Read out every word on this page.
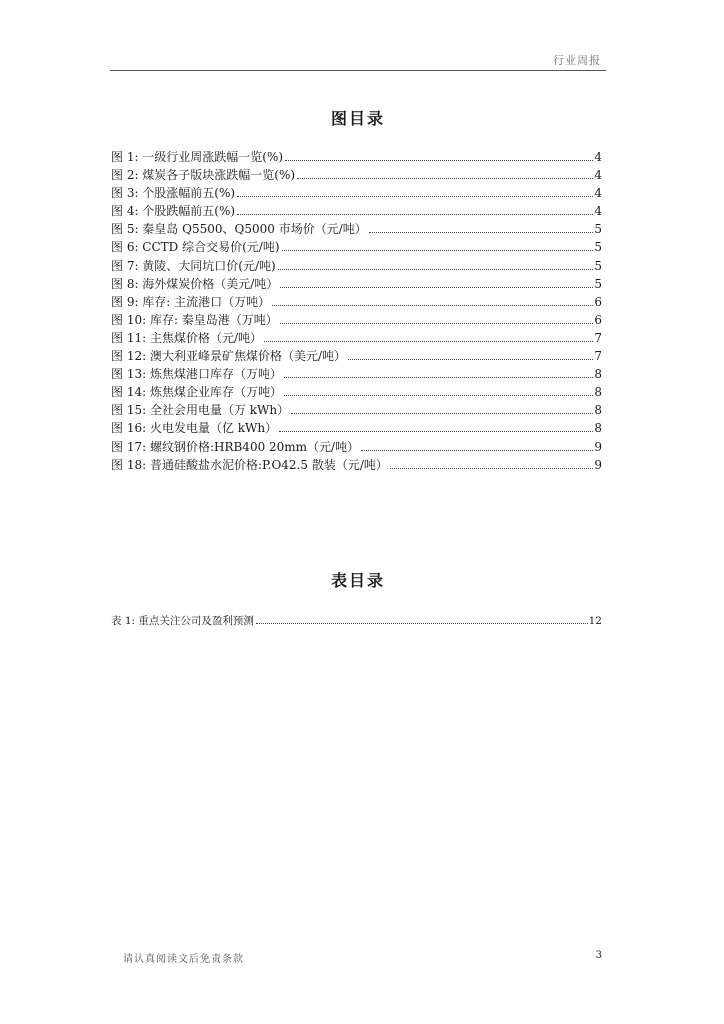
行业周报
图目录
图 1: 一级行业周涨跌幅一览(%)	4
图 2: 煤炭各子版块涨跌幅一览(%)	4
图 3: 个股涨幅前五(%)	4
图 4: 个股跌幅前五(%)	4
图 5: 秦皇岛 Q5500、Q5000 市场价（元/吨）	5
图 6: CCTD 综合交易价(元/吨)	5
图 7: 黄陵、大同坑口价(元/吨)	5
图 8: 海外煤炭价格（美元/吨）	5
图 9: 库存: 主流港口（万吨）	6
图 10: 库存: 秦皇岛港（万吨）	6
图 11: 主焦煤价格（元/吨）	7
图 12: 澳大利亚峰景矿焦煤价格（美元/吨）	7
图 13: 炼焦煤港口库存（万吨）	8
图 14: 炼焦煤企业库存（万吨）	8
图 15: 全社会用电量（万 kWh）	8
图 16: 火电发电量（亿 kWh）	8
图 17: 螺纹钢价格:HRB400 20mm（元/吨）	9
图 18: 普通硅酸盐水泥价格:P.O42.5 散装（元/吨）	9
表目录
表 1: 重点关注公司及盈利预测	12
请认真阅读文后免责条款	3
